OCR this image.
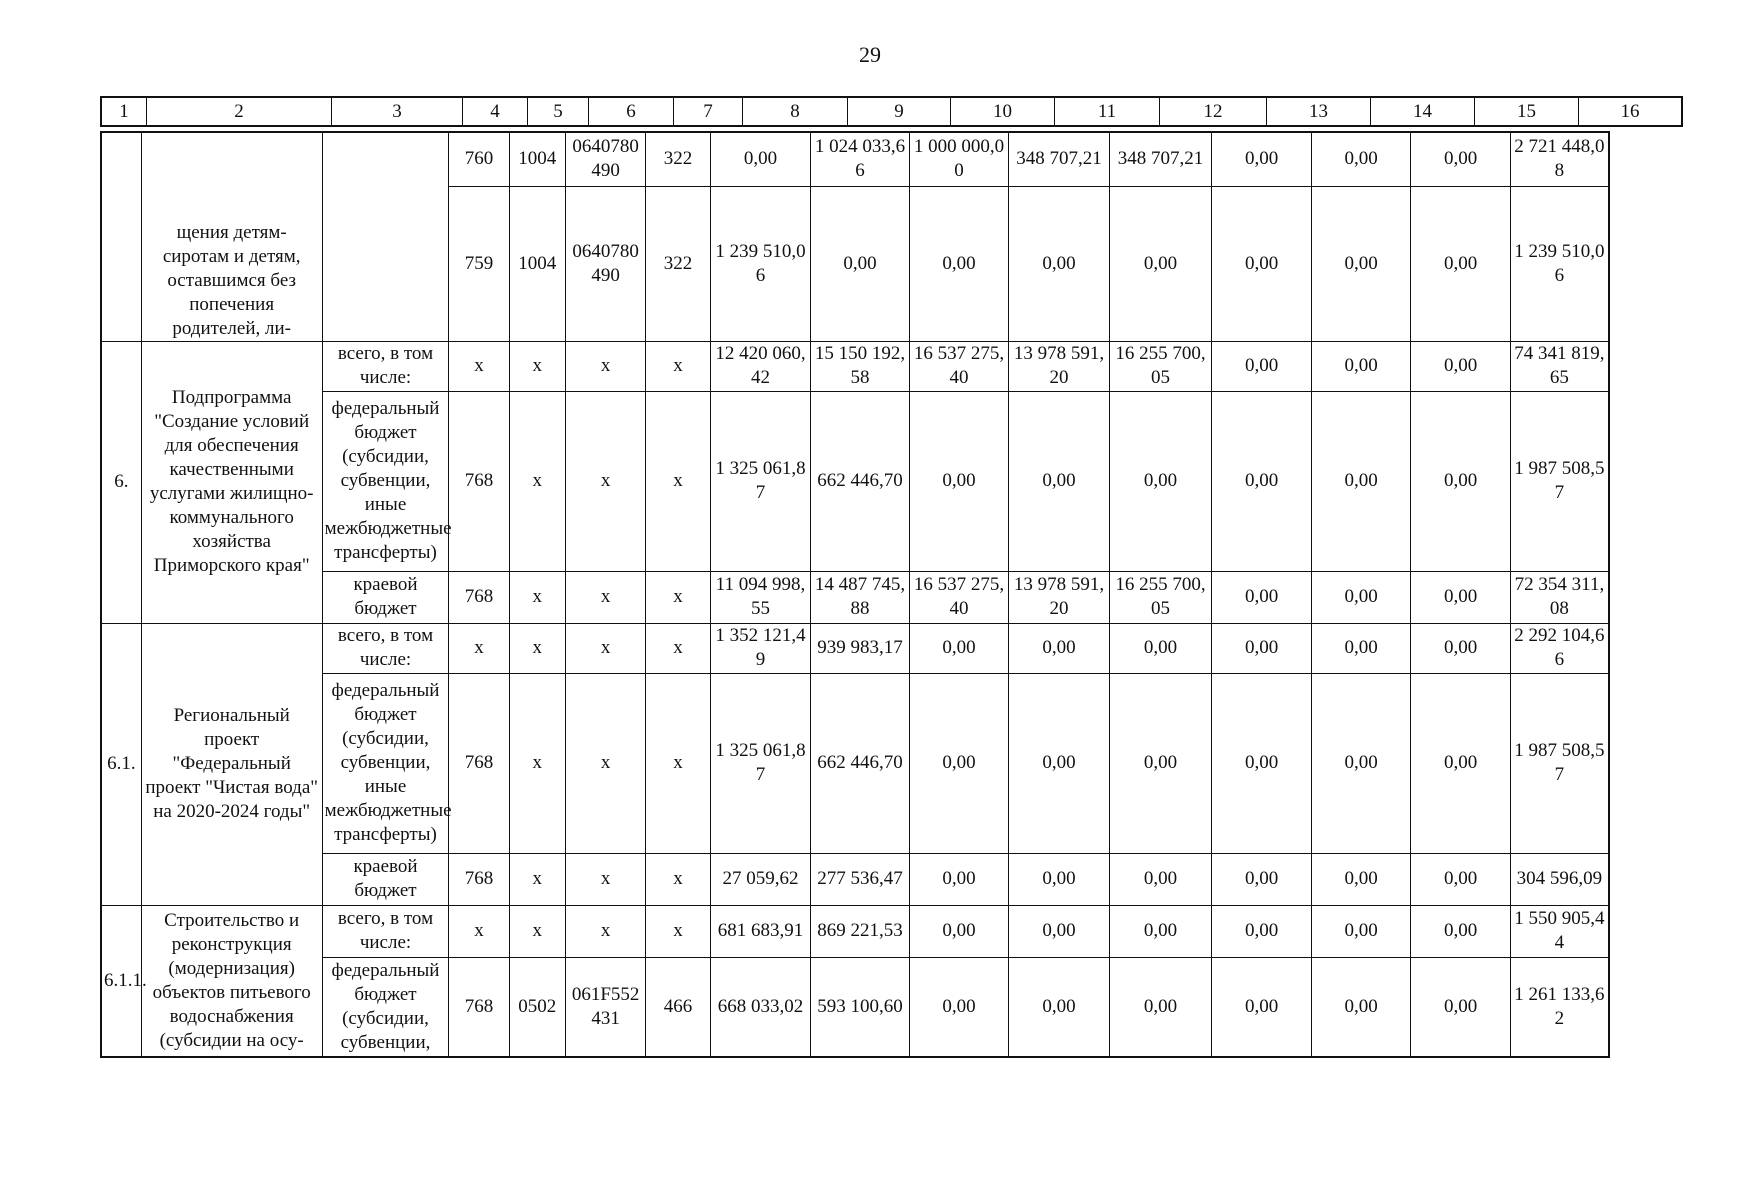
29
1	2	3	4	5	6	7	8	9	10	11	12	13	14	15	16
	щения детям-сиротам и детям, оставшимся без попечения родителей, ли-		760	1004	0640780490	322	0,00	1 024 033,66	1 000 000,00	348 707,21	348 707,21	0,00	0,00	0,00	2 721 448,08
			759	1004	0640780490	322	1 239 510,06	0,00	0,00	0,00	0,00	0,00	0,00	0,00	1 239 510,06
6.	Подпрограмма "Создание условий для обеспечения качественными услугами жилищно-коммунального хозяйства Приморского края"	всего, в том числе:	x	x	x	x	12 420 060,42	15 150 192,58	16 537 275,40	13 978 591,20	16 255 700,05	0,00	0,00	0,00	74 341 819,65
		федеральный бюджет (субсидии, субвенции, иные межбюджетные трансферты)	768	x	x	x	1 325 061,87	662 446,70	0,00	0,00	0,00	0,00	0,00	0,00	1 987 508,57
		краевой бюджет	768	x	x	x	11 094 998,55	14 487 745,88	16 537 275,40	13 978 591,20	16 255 700,05	0,00	0,00	0,00	72 354 311,08
6.1.	Региональный проект "Федеральный проект "Чистая вода" на 2020-2024 годы"	всего, в том числе:	x	x	x	x	1 352 121,49	939 983,17	0,00	0,00	0,00	0,00	0,00	0,00	2 292 104,66
		федеральный бюджет (субсидии, субвенции, иные межбюджетные трансферты)	768	x	x	x	1 325 061,87	662 446,70	0,00	0,00	0,00	0,00	0,00	0,00	1 987 508,57
		краевой бюджет	768	x	x	x	27 059,62	277 536,47	0,00	0,00	0,00	0,00	0,00	0,00	304 596,09
6.1.1.	Строительство и реконструкция (модернизация) объектов питьевого водоснабжения (субсидии на осу-	всего, в том числе:	x	x	x	x	681 683,91	869 221,53	0,00	0,00	0,00	0,00	0,00	0,00	1 550 905,44
		федеральный бюджет (субсидии, субвенции,	768	0502	061F552431	466	668 033,02	593 100,60	0,00	0,00	0,00	0,00	0,00	0,00	1 261 133,62
